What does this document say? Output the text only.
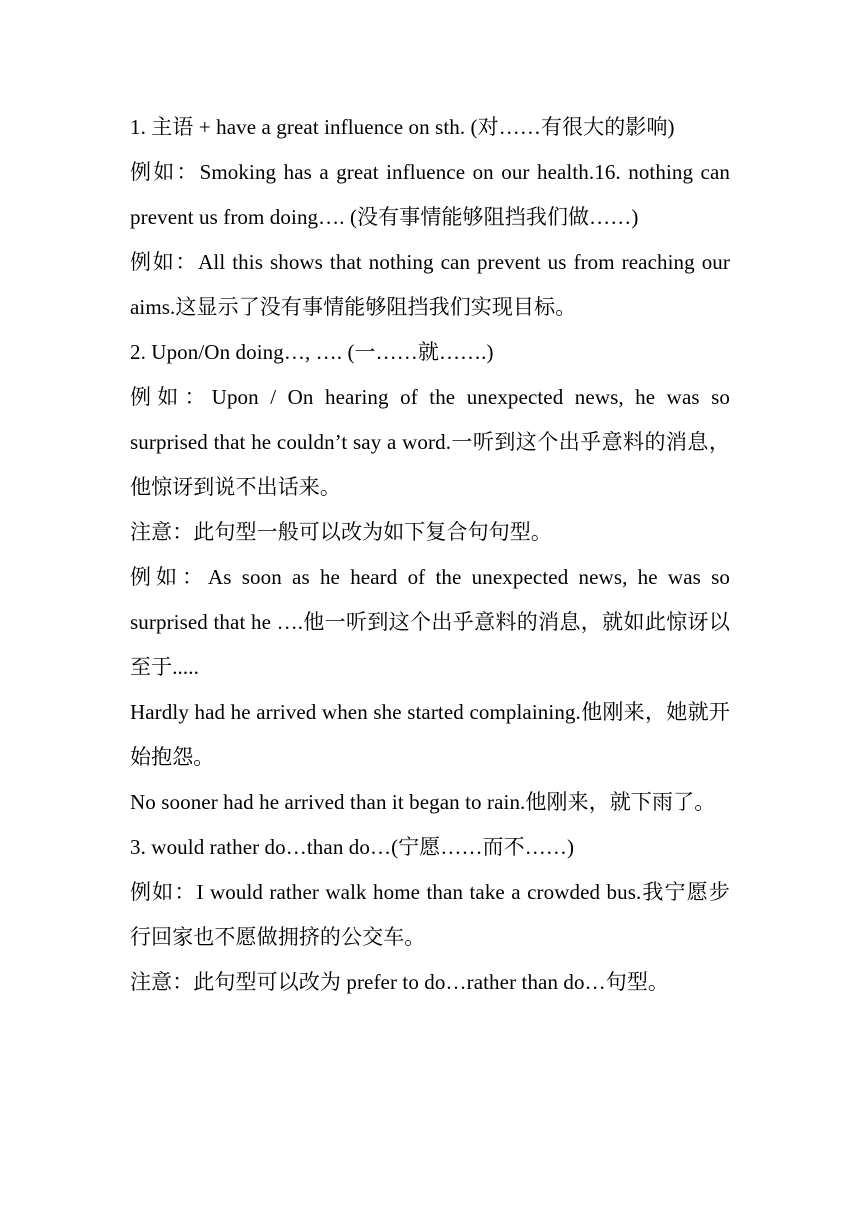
1. 主语 + have a great influence on sth. (对……有很大的影响)

例如：Smoking has a great influence on our health.16. nothing can prevent us from doing…. (没有事情能够阻挡我们做……)

例如：All this shows that nothing can prevent us from reaching our aims.这显示了没有事情能够阻挡我们实现目标。

2. Upon/On doing…, …. (一……就…….)

例如：Upon / On hearing of the unexpected news, he was so surprised that he couldn’t say a word.一听到这个出乎意料的消息，他惊讶到说不出话来。

注意：此句型一般可以改为如下复合句句型。

例如：As soon as he heard of the unexpected news, he was so surprised that he ….他一听到这个出乎意料的消息，就如此惊讶以至于.....

Hardly had he arrived when she started complaining.他刚来，她就开始抱怨。

No sooner had he arrived than it began to rain.他刚来，就下雨了。

3. would rather do…than do…(宁愿……而不……)

例如：I would rather walk home than take a crowded bus.我宁愿步行回家也不愿做拥挤的公交车。

注意：此句型可以改为 prefer to do…rather than do…句型。
